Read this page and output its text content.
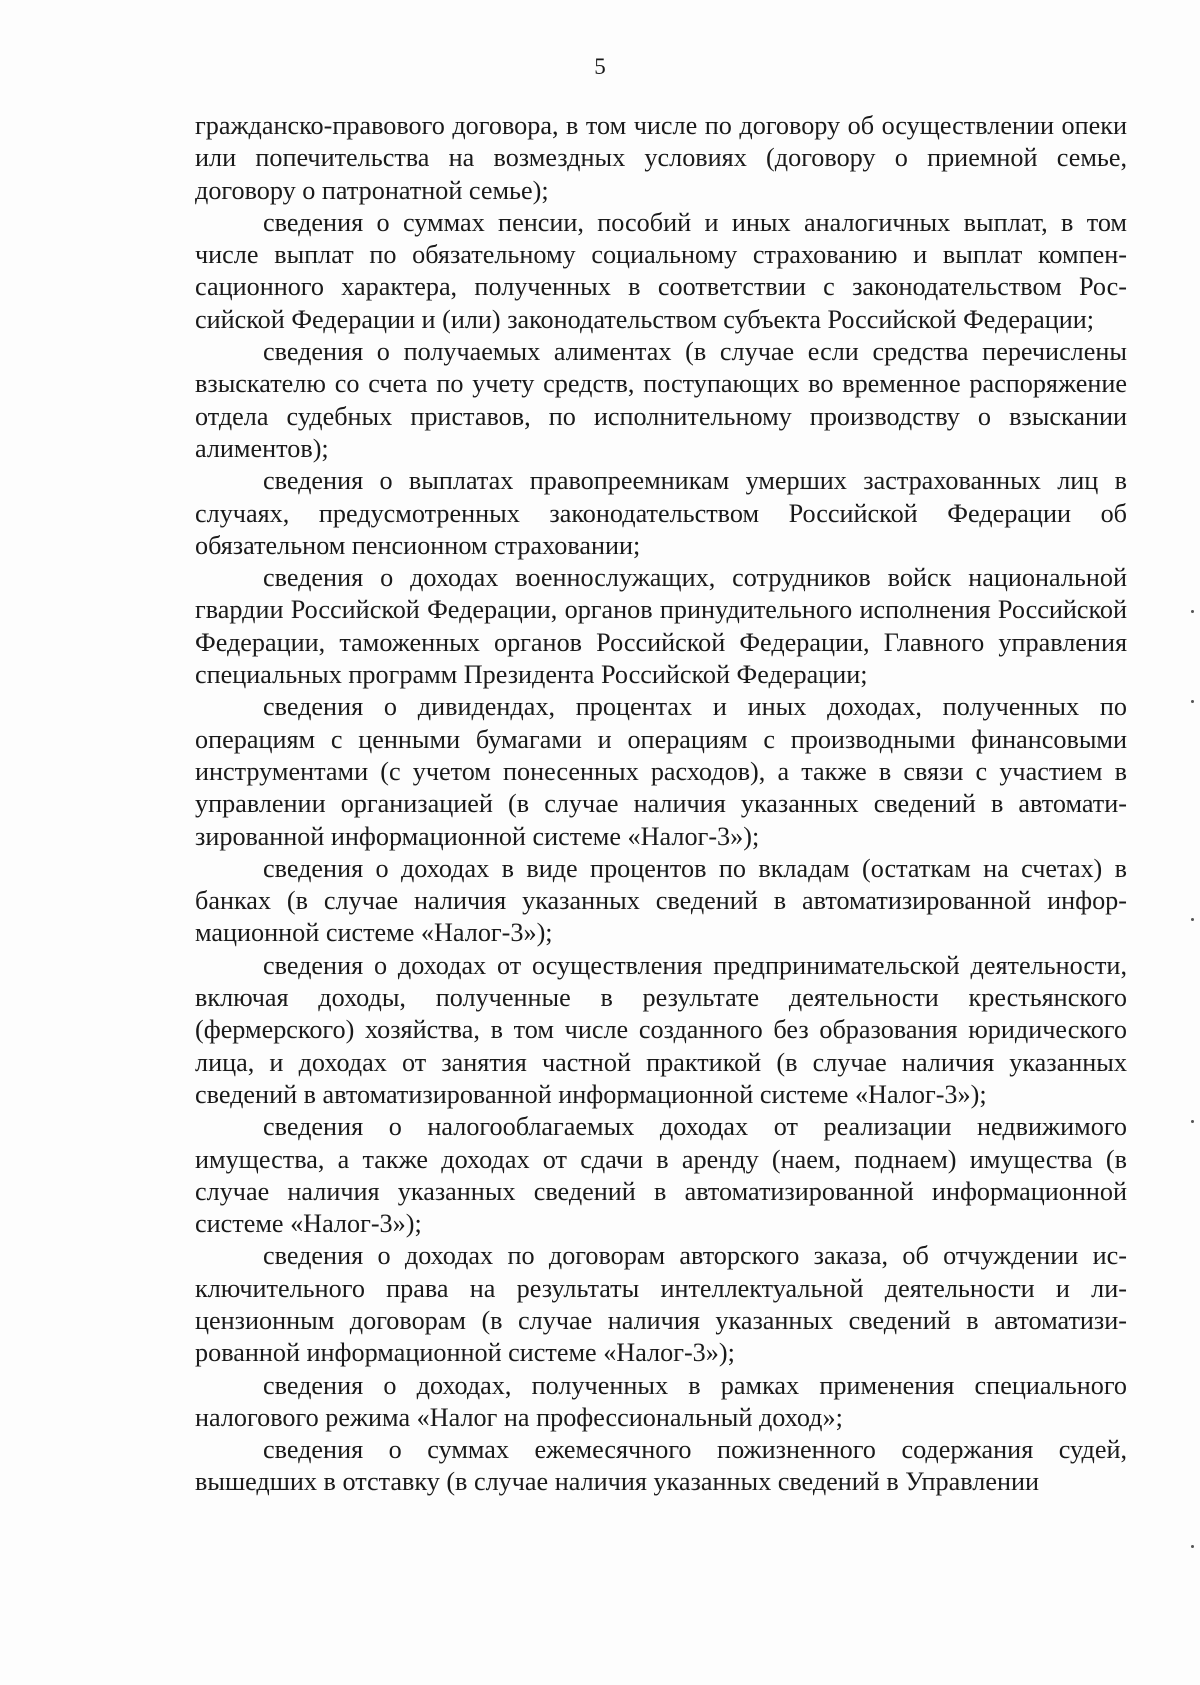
5

гражданско-правового договора, в том числе по договору об осуществлении опеки или попечительства на возмездных условиях (договору о приемной семье, договору о патронатной семье);

сведения о суммах пенсии, пособий и иных аналогичных выплат, в том числе выплат по обязательному социальному страхованию и выплат компенсационного характера, полученных в соответствии с законодательством Российской Федерации и (или) законодательством субъекта Российской Федерации;

сведения о получаемых алиментах (в случае если средства перечислены взыскателю со счета по учету средств, поступающих во временное распоряжение отдела судебных приставов, по исполнительному производству о взыскании алиментов);

сведения о выплатах правопреемникам умерших застрахованных лиц в случаях, предусмотренных законодательством Российской Федерации об обязательном пенсионном страховании;

сведения о доходах военнослужащих, сотрудников войск национальной гвардии Российской Федерации, органов принудительного исполнения Российской Федерации, таможенных органов Российской Федерации, Главного управления специальных программ Президента Российской Федерации;

сведения о дивидендах, процентах и иных доходах, полученных по операциям с ценными бумагами и операциям с производными финансовыми инструментами (с учетом понесенных расходов), а также в связи с участием в управлении организацией (в случае наличия указанных сведений в автоматизированной информационной системе «Налог-3»);

сведения о доходах в виде процентов по вкладам (остаткам на счетах) в банках (в случае наличия указанных сведений в автоматизированной информационной системе «Налог-3»);

сведения о доходах от осуществления предпринимательской деятельности, включая доходы, полученные в результате деятельности крестьянского (фермерского) хозяйства, в том числе созданного без образования юридического лица, и доходах от занятия частной практикой (в случае наличия указанных сведений в автоматизированной информационной системе «Налог-3»);

сведения о налогооблагаемых доходах от реализации недвижимого имущества, а также доходах от сдачи в аренду (наем, поднаем) имущества (в случае наличия указанных сведений в автоматизированной информационной системе «Налог-3»);

сведения о доходах по договорам авторского заказа, об отчуждении исключительного права на результаты интеллектуальной деятельности и лицензионным договорам (в случае наличия указанных сведений в автоматизированной информационной системе «Налог-3»);

сведения о доходах, полученных в рамках применения специального налогового режима «Налог на профессиональный доход»;

сведения о суммах ежемесячного пожизненного содержания судей, вышедших в отставку (в случае наличия указанных сведений в Управлении
